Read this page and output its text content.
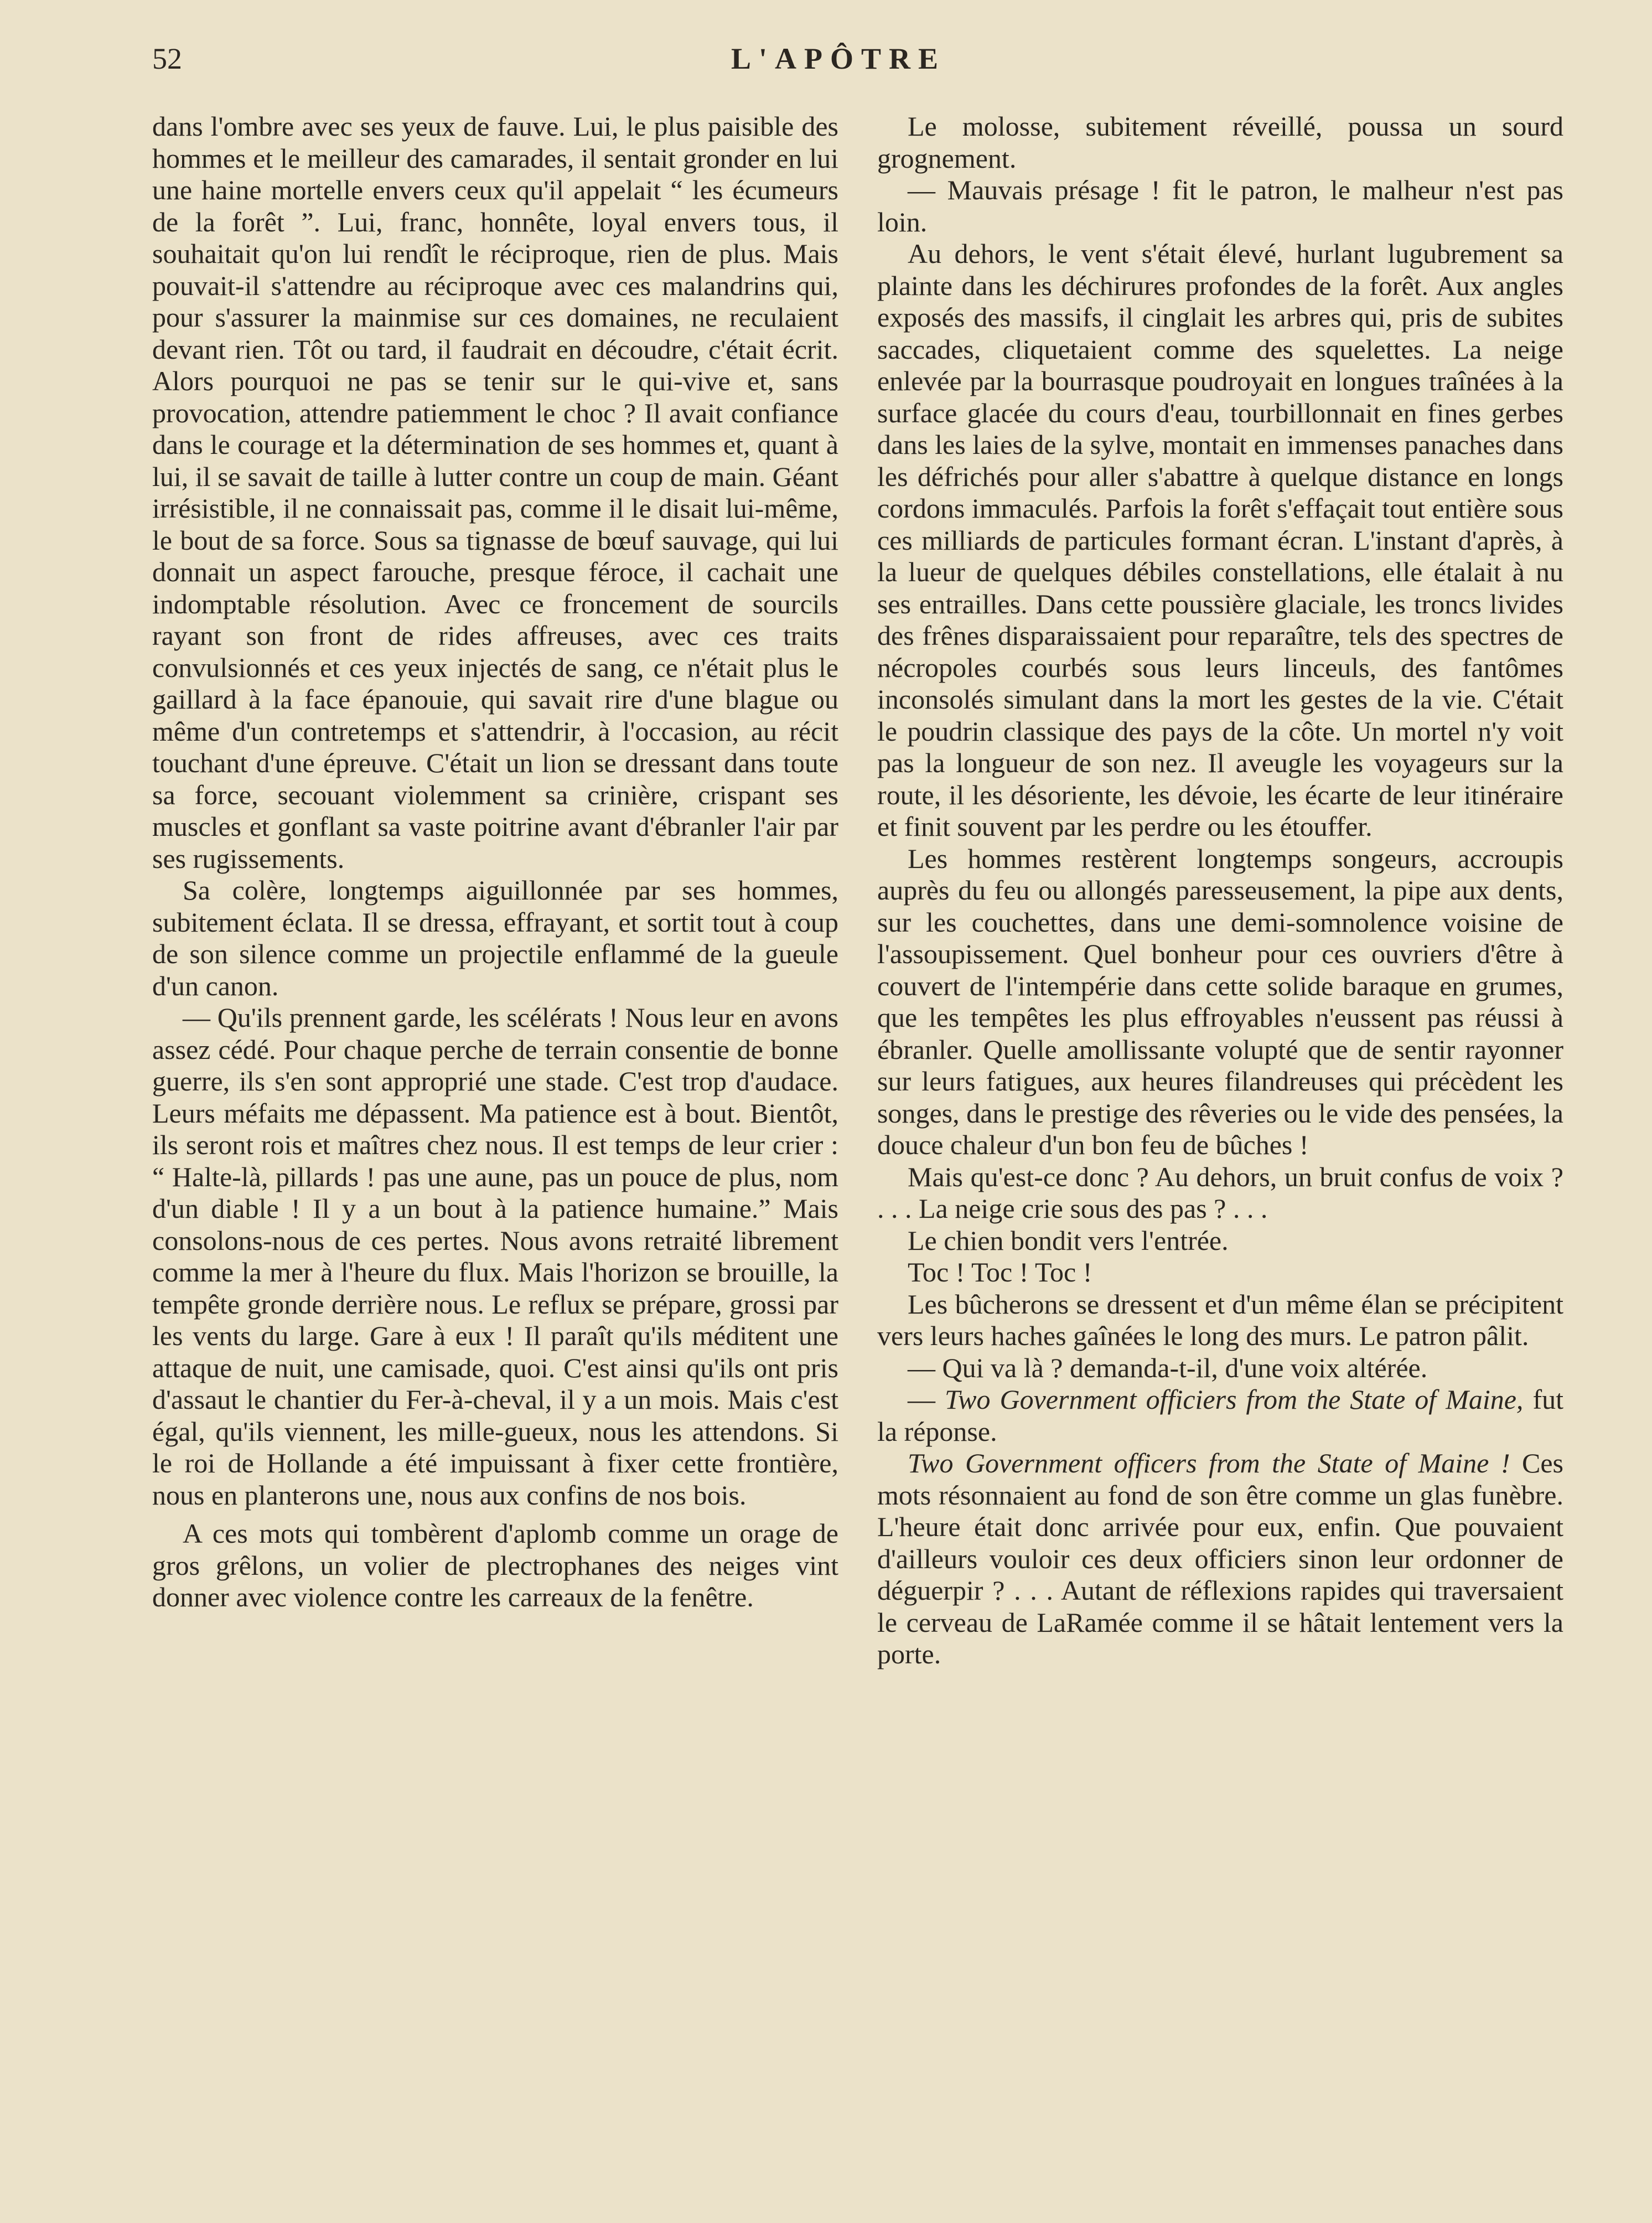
52	L'APÔTRE

dans l'ombre avec ses yeux de fauve. Lui, le plus paisible des hommes et le meilleur des camarades, il sentait gronder en lui une haine mortelle envers ceux qu'il appelait “ les écumeurs de la forêt ”. Lui, franc, honnête, loyal envers tous, il souhaitait qu'on lui rendît le réciproque, rien de plus. Mais pouvait-il s'attendre au réciproque avec ces malandrins qui, pour s'assurer la mainmise sur ces domaines, ne reculaient devant rien. Tôt ou tard, il faudrait en découdre, c'était écrit. Alors pourquoi ne pas se tenir sur le qui-vive et, sans provocation, attendre patiemment le choc ? Il avait confiance dans le courage et la détermination de ses hommes et, quant à lui, il se savait de taille à lutter contre un coup de main. Géant irrésistible, il ne connaissait pas, comme il le disait lui-même, le bout de sa force. Sous sa tignasse de bœuf sauvage, qui lui donnait un aspect farouche, presque féroce, il cachait une indomptable résolution. Avec ce froncement de sourcils rayant son front de rides affreuses, avec ces traits convulsionnés et ces yeux injectés de sang, ce n'était plus le gaillard à la face épanouie, qui savait rire d'une blague ou même d'un contretemps et s'attendrir, à l'occasion, au récit touchant d'une épreuve. C'était un lion se dressant dans toute sa force, secouant violemment sa crinière, crispant ses muscles et gonflant sa vaste poitrine avant d'ébranler l'air par ses rugissements.

Sa colère, longtemps aiguillonnée par ses hommes, subitement éclata. Il se dressa, effrayant, et sortit tout à coup de son silence comme un projectile enflammé de la gueule d'un canon.

— Qu'ils prennent garde, les scélérats ! Nous leur en avons assez cédé. Pour chaque perche de terrain consentie de bonne guerre, ils s'en sont approprié une stade. C'est trop d'audace. Leurs méfaits me dépassent. Ma patience est à bout. Bientôt, ils seront rois et maîtres chez nous. Il est temps de leur crier : “ Halte-là, pillards ! pas une aune, pas un pouce de plus, nom d'un diable ! Il y a un bout à la patience humaine.” Mais consolons-nous de ces pertes. Nous avons retraité librement comme la mer à l'heure du flux. Mais l'horizon se brouille, la tempête gronde derrière nous. Le reflux se prépare, grossi par les vents du large. Gare à eux ! Il paraît qu'ils méditent une attaque de nuit, une camisade, quoi. C'est ainsi qu'ils ont pris d'assaut le chantier du Fer-à-cheval, il y a un mois. Mais c'est égal, qu'ils viennent, les mille-gueux, nous les attendons. Si le roi de Hollande a été impuissant à fixer cette frontière, nous en planterons une, nous aux confins de nos bois.

A ces mots qui tombèrent d'aplomb comme un orage de gros grêlons, un volier de plectrophanes des neiges vint donner avec violence contre les carreaux de la fenêtre.

Le molosse, subitement réveillé, poussa un sourd grognement.

— Mauvais présage ! fit le patron, le malheur n'est pas loin.

Au dehors, le vent s'était élevé, hurlant lugubrement sa plainte dans les déchirures profondes de la forêt. Aux angles exposés des massifs, il cinglait les arbres qui, pris de subites saccades, cliquetaient comme des squelettes. La neige enlevée par la bourrasque poudroyait en longues traînées à la surface glacée du cours d'eau, tourbillonnait en fines gerbes dans les laies de la sylve, montait en immenses panaches dans les défrichés pour aller s'abattre à quelque distance en longs cordons immaculés. Parfois la forêt s'effaçait tout entière sous ces milliards de particules formant écran. L'instant d'après, à la lueur de quelques débiles constellations, elle étalait à nu ses entrailles. Dans cette poussière glaciale, les troncs livides des frênes disparaissaient pour reparaître, tels des spectres de nécropoles courbés sous leurs linceuls, des fantômes inconsolés simulant dans la mort les gestes de la vie. C'était le poudrin classique des pays de la côte. Un mortel n'y voit pas la longueur de son nez. Il aveugle les voyageurs sur la route, il les désoriente, les dévoie, les écarte de leur itinéraire et finit souvent par les perdre ou les étouffer.

Les hommes restèrent longtemps songeurs, accroupis auprès du feu ou allongés paresseusement, la pipe aux dents, sur les couchettes, dans une demi-somnolence voisine de l'assoupissement. Quel bonheur pour ces ouvriers d'être à couvert de l'intempérie dans cette solide baraque en grumes, que les tempêtes les plus effroyables n'eussent pas réussi à ébranler. Quelle amollissante volupté que de sentir rayonner sur leurs fatigues, aux heures filandreuses qui précèdent les songes, dans le prestige des rêveries ou le vide des pensées, la douce chaleur d'un bon feu de bûches !

Mais qu'est-ce donc ? Au dehors, un bruit confus de voix ? . . . La neige crie sous des pas ? . . .

Le chien bondit vers l'entrée.

Toc ! Toc ! Toc !

Les bûcherons se dressent et d'un même élan se précipitent vers leurs haches gaînées le long des murs. Le patron pâlit.

— Qui va là ? demanda-t-il, d'une voix altérée.

— Two Government officiers from the State of Maine, fut la réponse.

Two Government officers from the State of Maine ! Ces mots résonnaient au fond de son être comme un glas funèbre. L'heure était donc arrivée pour eux, enfin. Que pouvaient d'ailleurs vouloir ces deux officiers sinon leur ordonner de déguerpir ? . . . Autant de réflexions rapides qui traversaient le cerveau de LaRamée comme il se hâtait lentement vers la porte.
